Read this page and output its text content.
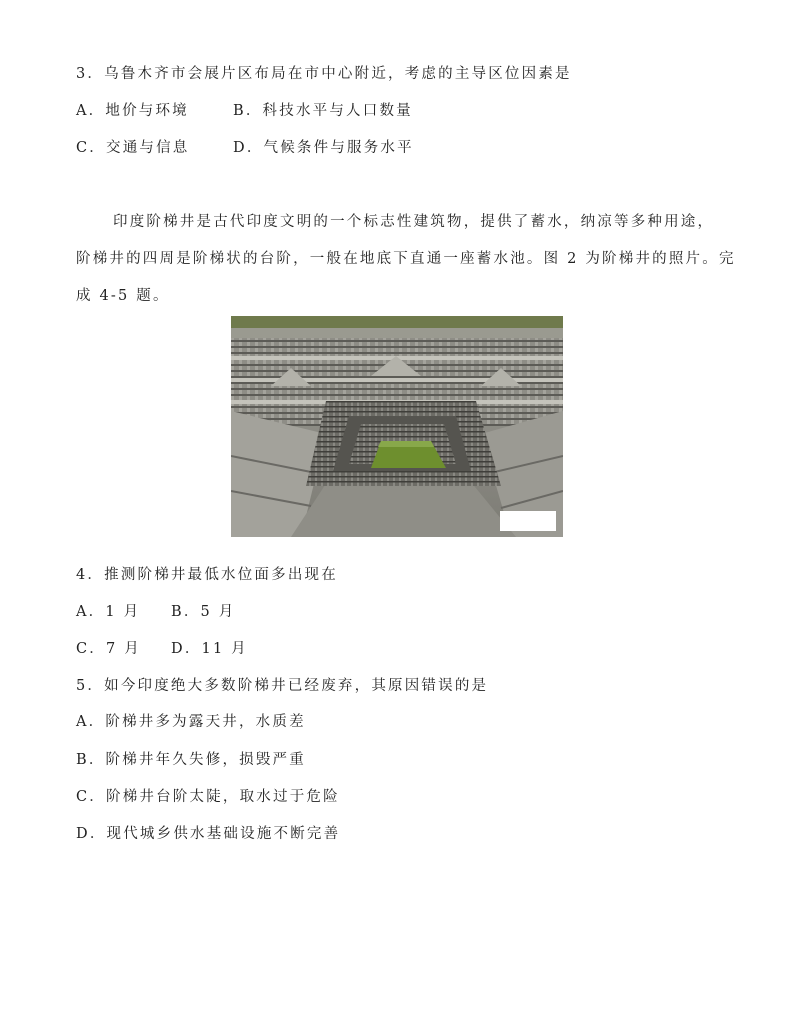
3．乌鲁木齐市会展片区布局在市中心附近，考虑的主导区位因素是
A．地价与环境	B．科技水平与人口数量
C．交通与信息	D．气候条件与服务水平
印度阶梯井是古代印度文明的一个标志性建筑物，提供了蓄水，纳凉等多种用途，
阶梯井的四周是阶梯状的台阶，一般在地底下直通一座蓄水池。图 2 为阶梯井的照片。完
成 4-5 题。
4．推测阶梯井最低水位面多出现在
A．1 月 B．5 月
C．7 月 D．11 月
5．如今印度绝大多数阶梯井已经废弃，其原因错误的是
A．阶梯井多为露天井，水质差
B．阶梯井年久失修，损毁严重
C．阶梯井台阶太陡，取水过于危险
D．现代城乡供水基础设施不断完善
